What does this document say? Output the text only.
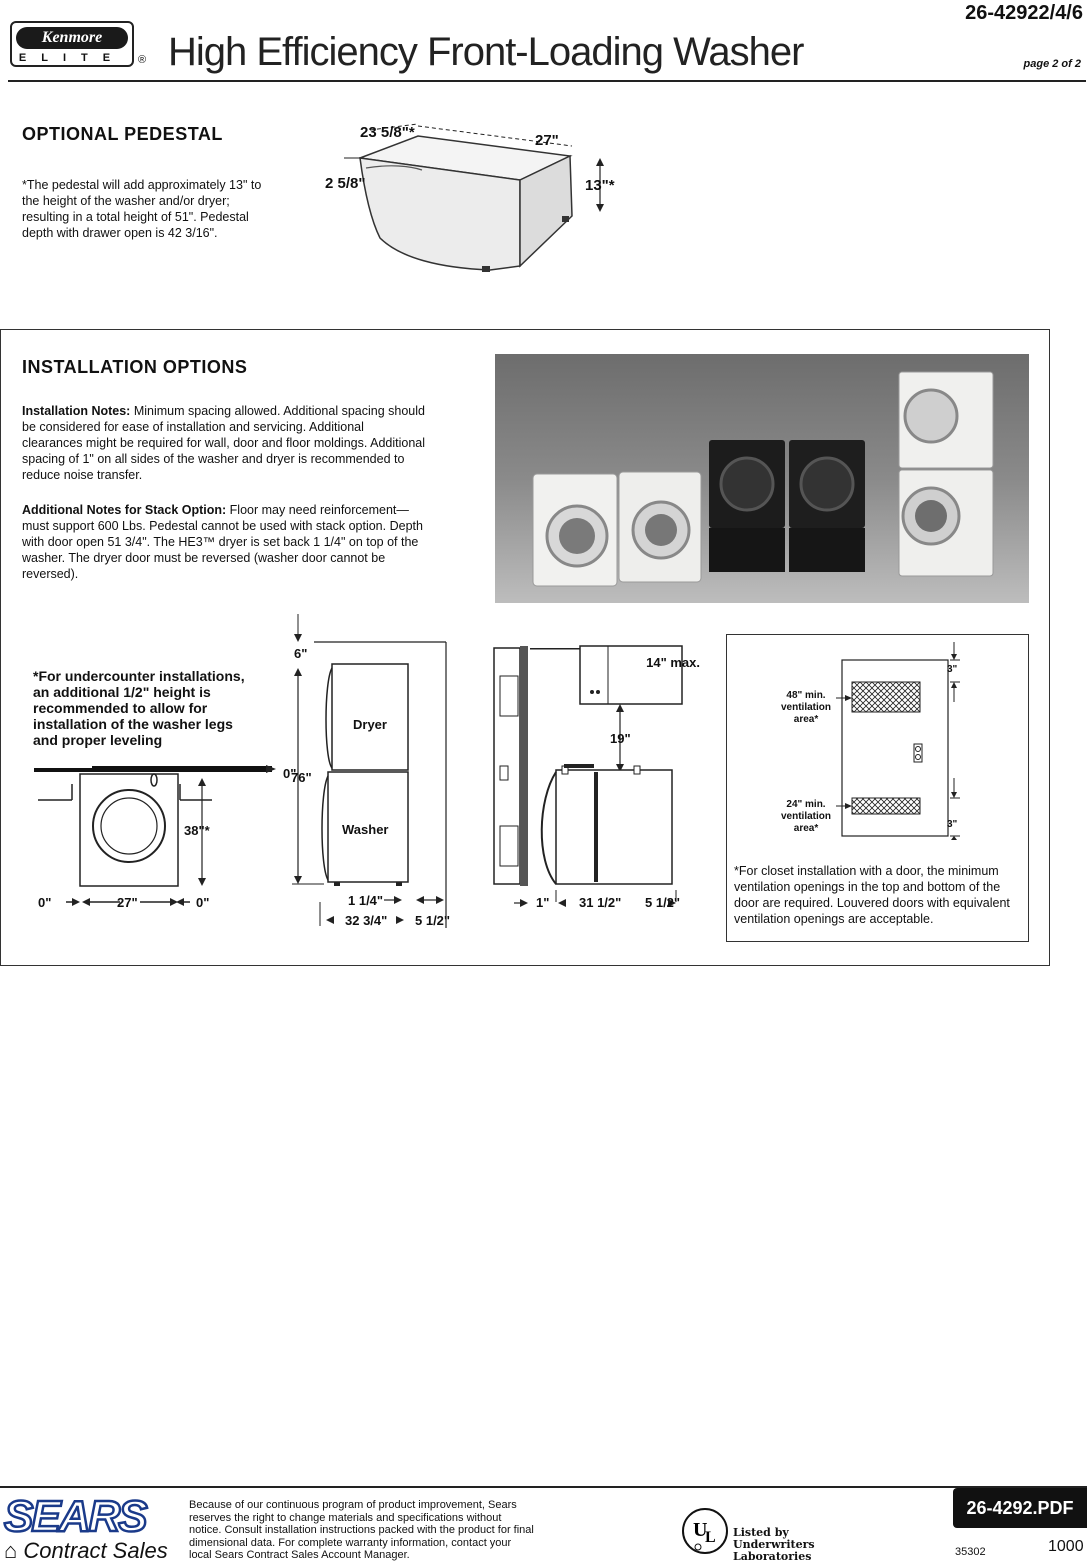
Kenmore
ELITE	® High Efficiency Front-Loading Washer
26-42922/4/6
page 2 of 2
OPTIONAL PEDESTAL
*The pedestal will add approximately 13" to the height of the washer and/or dryer; resulting in a total height of 51". Pedestal depth with drawer open is 42 3/16".
23 5/8"*	27"
2 5/8"	13"*
INSTALLATION OPTIONS
Installation Notes: Minimum spacing allowed. Additional spacing should be considered for ease of installation and servicing. Additional clearances might be required for wall, door and floor moldings. Additional spacing of 1" on all sides of the washer and dryer is recommended to reduce noise transfer.
Additional Notes for Stack Option: Floor may need reinforcement—must support 600 Lbs. Pedestal cannot be used with stack option. Depth with door open 51 3/4". The HE3™ dryer is set back 1 1/4" on top of the washer. The dryer door must be reversed (washer door cannot be reversed).
*For undercounter installations, an additional 1/2" height is recommended to allow for installation of the washer legs and proper leveling
0"
38"*
0"	27"	0"
6"
76"
Dryer
Washer
1 1/4"
32 3/4" 5 1/2"
14" max.
19"
1" 31 1/2" 5 1/2"
48" min. ventilation area*
24" min. ventilation area*
3"
3"
*For closet installation with a door, the minimum ventilation openings in the top and bottom of the door are required. Louvered doors with equivalent ventilation openings are acceptable.
SEARS
⌂ Contract Sales
Because of our continuous program of product improvement, Sears reserves the right to change materials and specifications without notice. Consult installation instructions packed with the product for final dimensional data. For complete warranty information, contact your local Sears Contract Sales Account Manager.
U
L Listed by Underwriters Laboratories
26-4292.PDF
35302	1000
